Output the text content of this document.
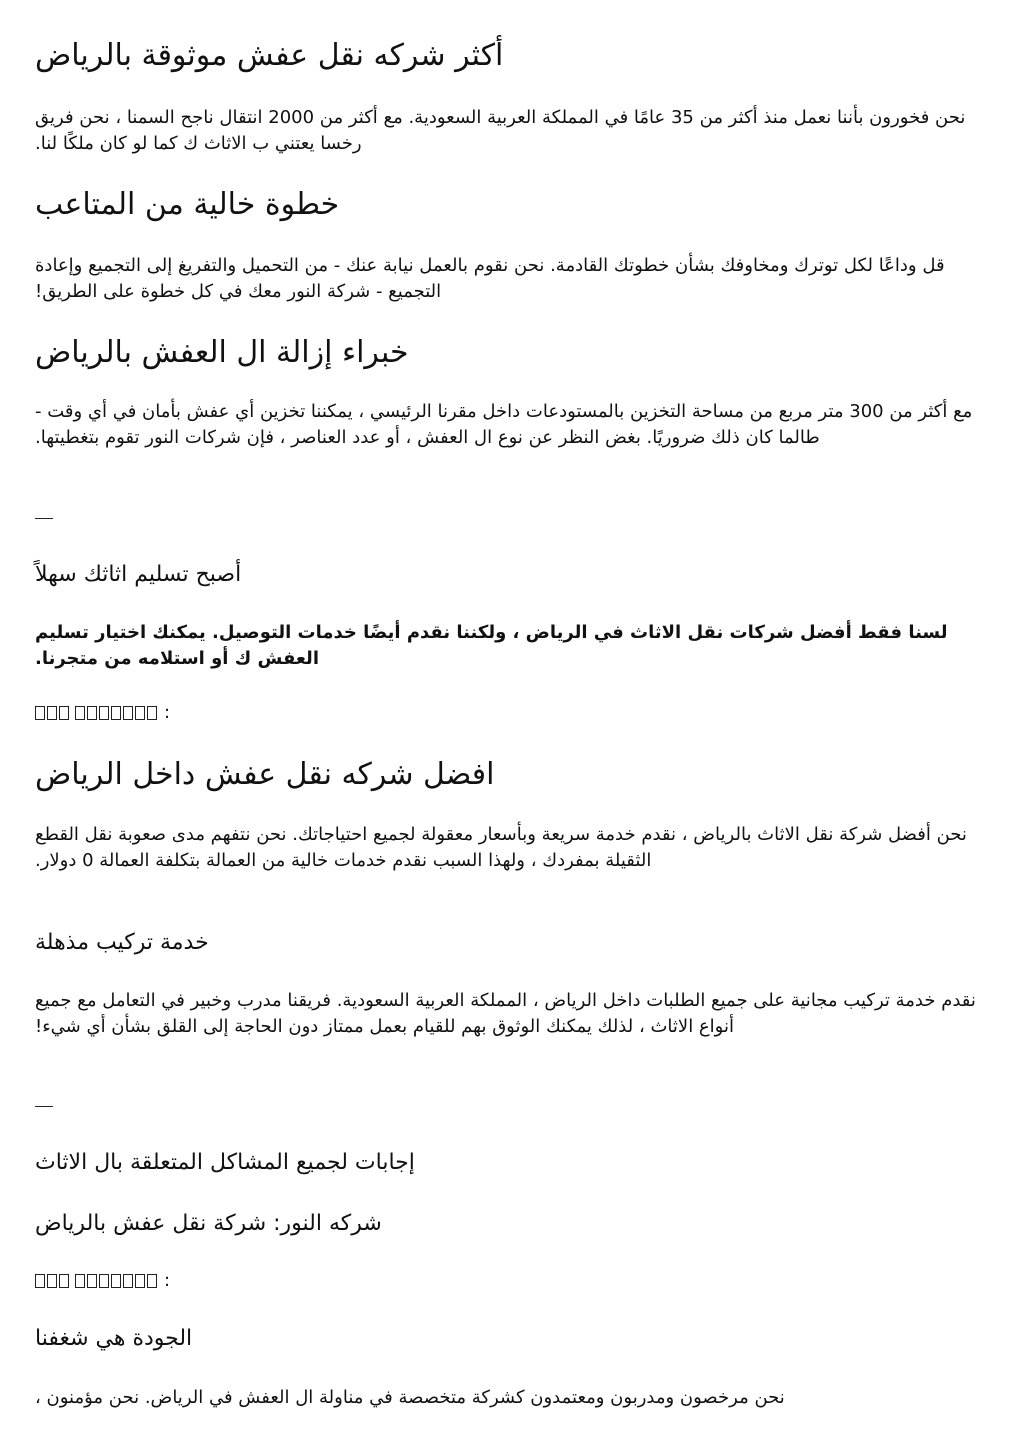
أكثر شركه نقل عفش موثوقة بالرياض
نحن فخورون بأننا نعمل منذ أكثر من 35 عامًا في المملكة العربية السعودية. مع أكثر من 2000 انتقال ناجح السمنا ، نحن فريق رخسا يعتني ب الاثاث ك كما لو كان ملكًا لنا.
خطوة خالية من المتاعب
قل وداعًا لكل توترك ومخاوفك بشأن خطوتك القادمة. نحن نقوم بالعمل نيابة عنك - من التحميل والتفريغ إلى التجميع وإعادة التجميع - شركة النور معك في كل خطوة على الطريق!
خبراء إزالة ال العفش بالرياض
مع أكثر من 300 متر مربع من مساحة التخزين بالمستودعات داخل مقرنا الرئيسي ، يمكننا تخزين أي عفش بأمان في أي وقت - طالما كان ذلك ضروريًا. بغض النظر عن نوع ال العفش ، أو عدد العناصر ، فإن شركات النور تقوم بتغطيتها.
أصبح تسليم اثاثك سهلاً
لسنا فقط أفضل شركات نقل الاثاث في الرياض ، ولكننا نقدم أيضًا خدمات التوصيل. يمكنك اختيار تسليم العفش ك أو استلامه من متجرنا.
:
افضل شركه نقل عفش داخل الرياض
نحن أفضل شركة نقل الاثاث بالرياض ، نقدم خدمة سريعة وبأسعار معقولة لجميع احتياجاتك. نحن نتفهم مدى صعوبة نقل القطع الثقيلة بمفردك ، ولهذا السبب نقدم خدمات خالية من العمالة بتكلفة العمالة 0 دولار.
خدمة تركيب مذهلة
نقدم خدمة تركيب مجانية على جميع الطلبات داخل الرياض ، المملكة العربية السعودية. فريقنا مدرب وخبير في التعامل مع جميع أنواع الاثاث ، لذلك يمكنك الوثوق بهم للقيام بعمل ممتاز دون الحاجة إلى القلق بشأن أي شيء!
إجابات لجميع المشاكل المتعلقة بال الاثاث
شركه النور: شركة نقل عفش بالرياض
:
الجودة هي شغفنا
نحن مرخصون ومدربون ومعتمدون كشركة متخصصة في مناولة ال العفش في الرياض. نحن مؤمنون ،
